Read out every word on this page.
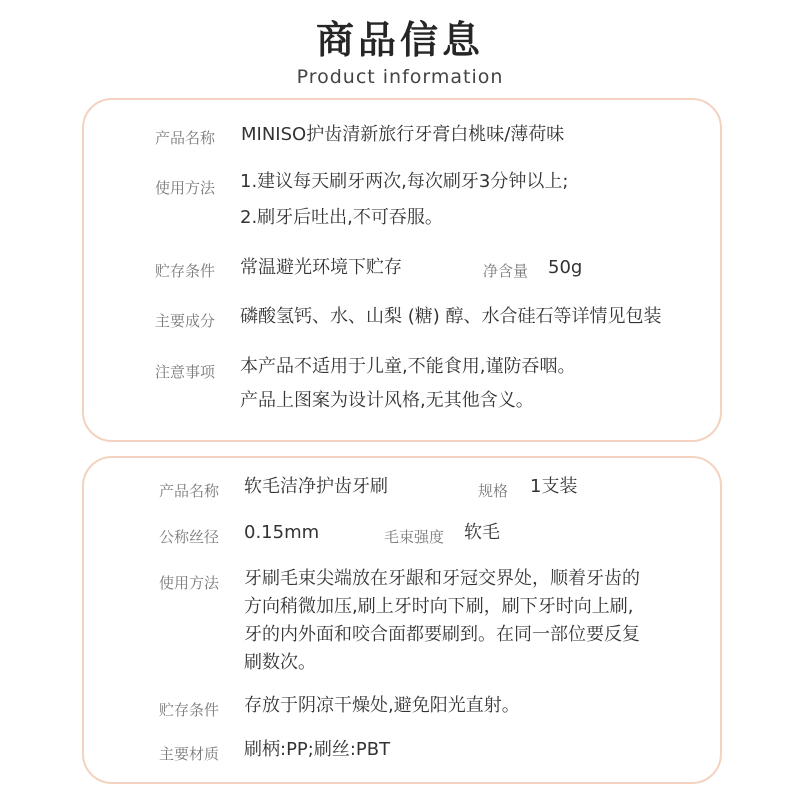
商品信息
Product information
产品名称 MINISO护齿清新旅行牙膏白桃味/薄荷味
使用方法 1.建议每天刷牙两次,每次刷牙3分钟以上;
2.刷牙后吐出,不可吞服。
贮存条件 常温避光环境下贮存	净含量 50g
主要成分 磷酸氢钙、水、山梨 (糖) 醇、水合硅石等详情见包装
注意事项 本产品不适用于儿童,不能食用,谨防吞咽。
产品上图案为设计风格,无其他含义。
产品名称 软毛洁净护齿牙刷	规格 1支装
公称丝径 0.15mm	毛束强度 软毛
使用方法 牙刷毛束尖端放在牙龈和牙冠交界处，顺着牙齿的
方向稍微加压,刷上牙时向下刷，刷下牙时向上刷,
牙的内外面和咬合面都要刷到。在同一部位要反复
刷数次。
贮存条件 存放于阴凉干燥处,避免阳光直射。
主要材质 刷柄:PP;刷丝:PBT
